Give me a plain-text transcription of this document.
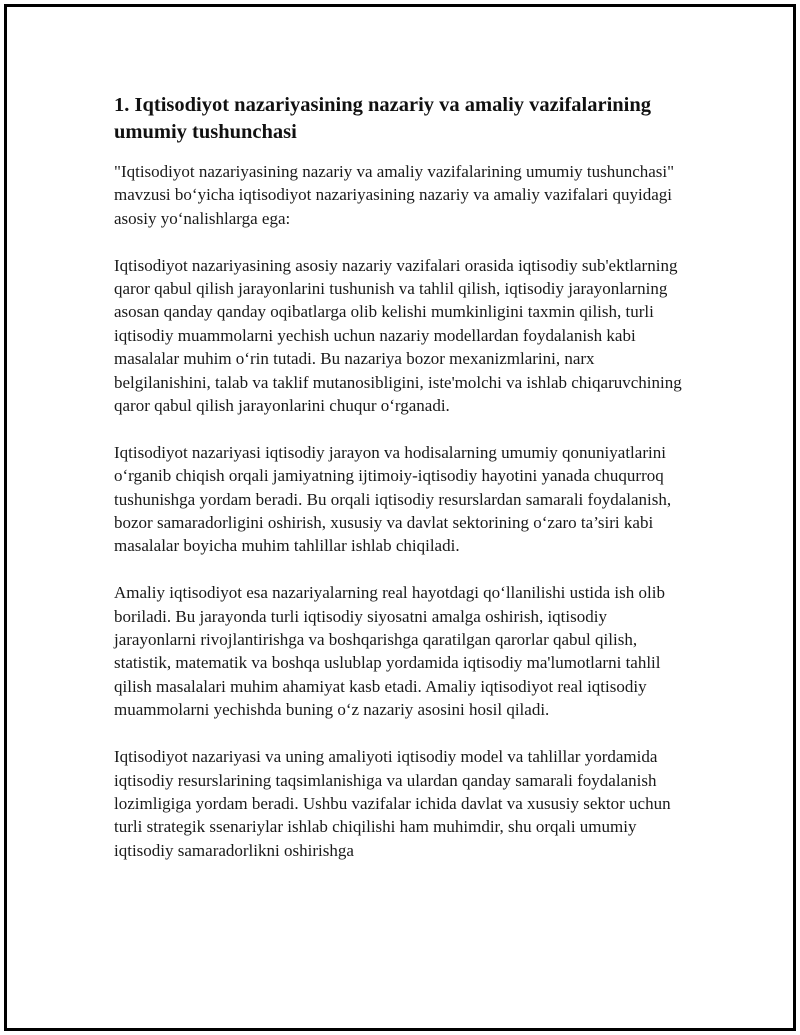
1. Iqtisodiyot nazariyasining nazariy va amaliy vazifalarining umumiy tushunchasi

"Iqtisodiyot nazariyasining nazariy va amaliy vazifalarining umumiy tushunchasi" mavzusi bo‘yicha iqtisodiyot nazariyasining nazariy va amaliy vazifalari quyidagi asosiy yo‘nalishlarga ega:

Iqtisodiyot nazariyasining asosiy nazariy vazifalari orasida iqtisodiy sub'ektlarning qaror qabul qilish jarayonlarini tushunish va tahlil qilish, iqtisodiy jarayonlarning asosan qanday qanday oqibatlarga olib kelishi mumkinligini taxmin qilish, turli iqtisodiy muammolarni yechish uchun nazariy modellardan foydalanish kabi masalalar muhim o‘rin tutadi. Bu nazariya bozor mexanizmlarini, narx belgilanishini, talab va taklif mutanosibligini, iste'molchi va ishlab chiqaruvchining qaror qabul qilish jarayonlarini chuqur o‘rganadi.

Iqtisodiyot nazariyasi iqtisodiy jarayon va hodisalarning umumiy qonuniyatlarini o‘rganib chiqish orqali jamiyatning ijtimoiy-iqtisodiy hayotini yanada chuqurroq tushunishga yordam beradi. Bu orqali iqtisodiy resurslardan samarali foydalanish, bozor samaradorligini oshirish, xususiy va davlat sektorining o‘zaro ta’siri kabi masalalar boyicha muhim tahlillar ishlab chiqiladi.

Amaliy iqtisodiyot esa nazariyalarning real hayotdagi qo‘llanilishi ustida ish olib boriladi. Bu jarayonda turli iqtisodiy siyosatni amalga oshirish, iqtisodiy jarayonlarni rivojlantirishga va boshqarishga qaratilgan qarorlar qabul qilish, statistik, matematik va boshqa uslublap yordamida iqtisodiy ma'lumotlarni tahlil qilish masalalari muhim ahamiyat kasb etadi. Amaliy iqtisodiyot real iqtisodiy muammolarni yechishda buning o‘z nazariy asosini hosil qiladi.

Iqtisodiyot nazariyasi va uning amaliyoti iqtisodiy model va tahlillar yordamida iqtisodiy resurslarining taqsimlanishiga va ulardan qanday samarali foydalanish lozimligiga yordam beradi. Ushbu vazifalar ichida davlat va xususiy sektor uchun turli strategik ssenariylar ishlab chiqilishi ham muhimdir, shu orqali umumiy iqtisodiy samaradorlikni oshirishga
